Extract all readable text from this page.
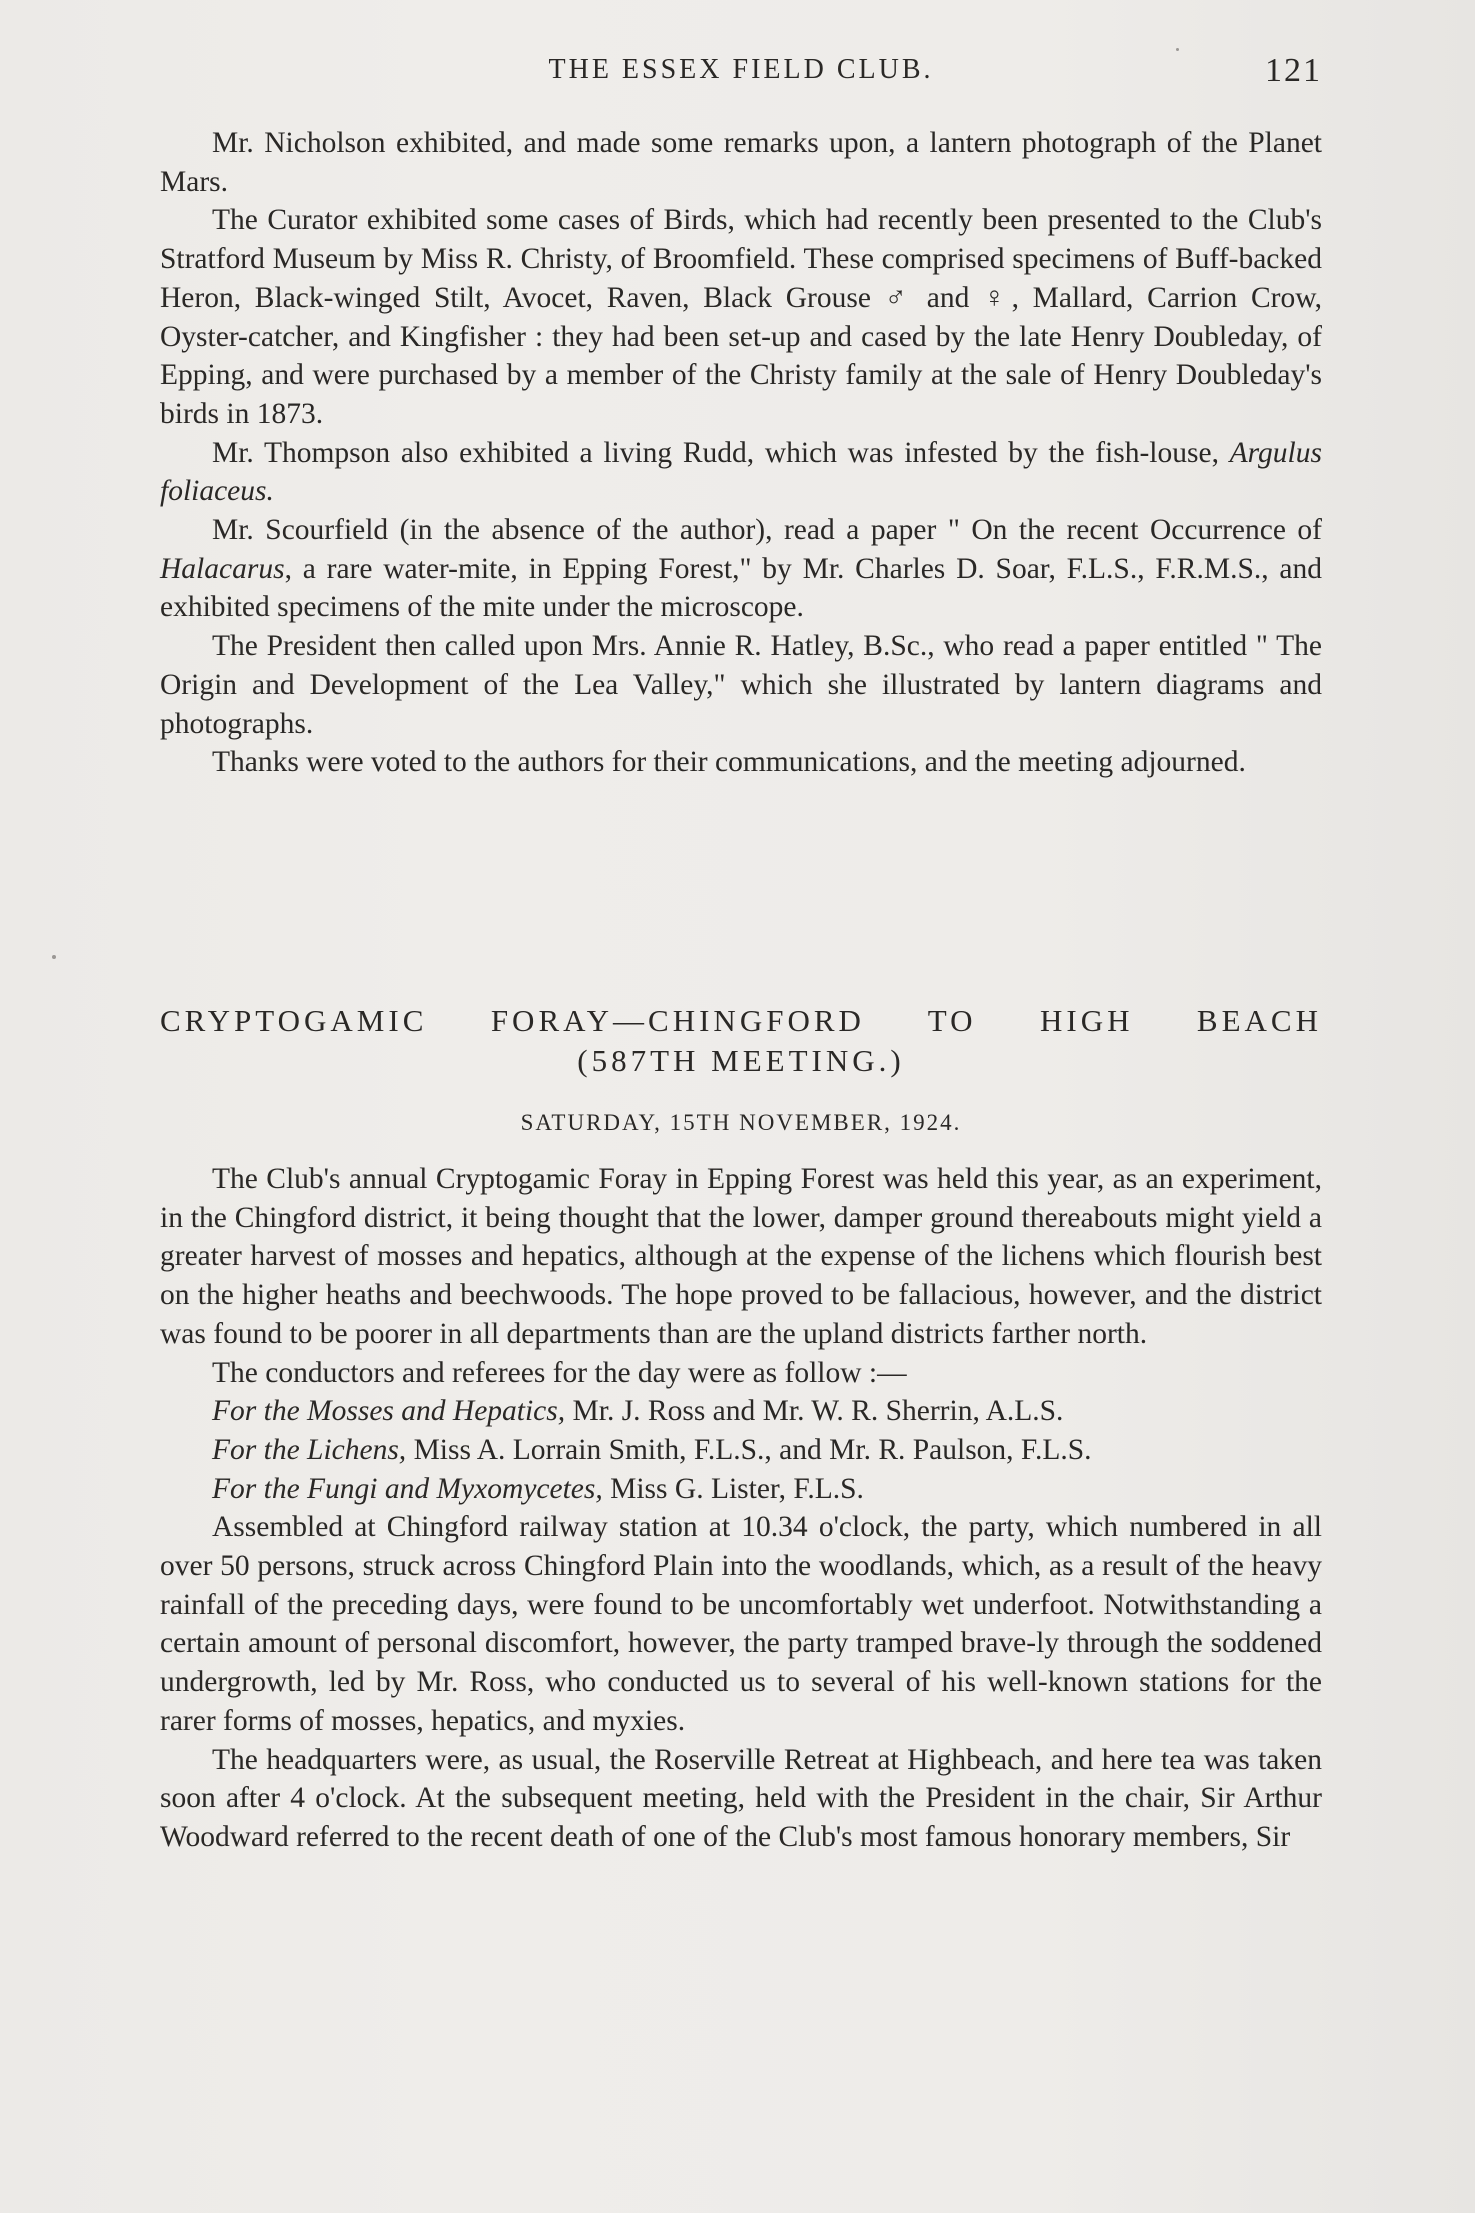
THE ESSEX FIELD CLUB.	121

Mr. Nicholson exhibited, and made some remarks upon, a lantern photograph of the Planet Mars.

The Curator exhibited some cases of Birds, which had recently been presented to the Club's Stratford Museum by Miss R. Christy, of Broomfield. These comprised specimens of Buff-backed Heron, Black-winged Stilt, Avocet, Raven, Black Grouse ♂ and ♀, Mallard, Carrion Crow, Oyster-catcher, and Kingfisher : they had been set-up and cased by the late Henry Doubleday, of Epping, and were purchased by a member of the Christy family at the sale of Henry Doubleday's birds in 1873.

Mr. Thompson also exhibited a living Rudd, which was infested by the fish-louse, Argulus foliaceus.

Mr. Scourfield (in the absence of the author), read a paper " On the recent Occurrence of Halacarus, a rare water-mite, in Epping Forest," by Mr. Charles D. Soar, F.L.S., F.R.M.S., and exhibited specimens of the mite under the microscope.

The President then called upon Mrs. Annie R. Hatley, B.Sc., who read a paper entitled " The Origin and Development of the Lea Valley," which she illustrated by lantern diagrams and photographs.

Thanks were voted to the authors for their communications, and the meeting adjourned.

CRYPTOGAMIC FORAY—CHINGFORD TO HIGH BEACH
(587TH MEETING.)
SATURDAY, 15TH NOVEMBER, 1924.

The Club's annual Cryptogamic Foray in Epping Forest was held this year, as an experiment, in the Chingford district, it being thought that the lower, damper ground thereabouts might yield a greater harvest of mosses and hepatics, although at the expense of the lichens which flourish best on the higher heaths and beechwoods. The hope proved to be fallacious, however, and the district was found to be poorer in all departments than are the upland districts farther north.

The conductors and referees for the day were as follow :—

For the Mosses and Hepatics, Mr. J. Ross and Mr. W. R. Sherrin, A.L.S.

For the Lichens, Miss A. Lorrain Smith, F.L.S., and Mr. R. Paulson, F.L.S.

For the Fungi and Myxomycetes, Miss G. Lister, F.L.S.

Assembled at Chingford railway station at 10.34 o'clock, the party, which numbered in all over 50 persons, struck across Chingford Plain into the woodlands, which, as a result of the heavy rainfall of the preceding days, were found to be uncomfortably wet underfoot. Notwithstanding a certain amount of personal discomfort, however, the party tramped brave-ly through the soddened undergrowth, led by Mr. Ross, who conducted us to several of his well-known stations for the rarer forms of mosses, hepatics, and myxies.

The headquarters were, as usual, the Roserville Retreat at Highbeach, and here tea was taken soon after 4 o'clock. At the subsequent meeting, held with the President in the chair, Sir Arthur Woodward referred to the recent death of one of the Club's most famous honorary members, Sir
